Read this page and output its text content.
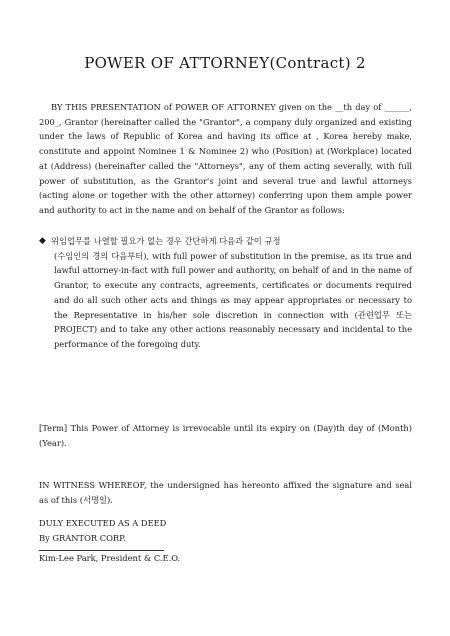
POWER OF ATTORNEY(Contract) 2

BY THIS PRESENTATION of POWER OF ATTORNEY given on the __th day of ______, 200_, Grantor (hereinafter called the "Grantor", a company duly organized and existing under the laws of Republic of Korea and having its office at , Korea hereby make, constitute and appoint Nominee 1 & Nominee 2) who (Position) at (Workplace) located at (Address) (hereinafter called the "Attorneys", any of them acting severally, with full power of substitution, as the Grantor's joint and several true and lawful attorneys (acting alone or together with the other attorney) conferring upon them ample power and authority to act in the name and on behalf of the Grantor as follows:

◆ 위임업무를 나열할 필요가 없는 경우 간단하게 다음과 같이 규정
(수임인의 경의 다음부터), with full power of substitution in the premise, as its true and lawful attorney-in-fact with full power and authority, on behalf of and in the name of Grantor, to execute any contracts, agreements, certificates or documents required and do all such other acts and things as may appear appropriates or necessary to the Representative in his/her sole discretion in connection with (관련업무 또는 PROJECT) and to take any other actions reasonably necessary and incidental to the performance of the foregoing duty.

[Term] This Power of Attorney is irrevocable until its expiry on (Day)th day of (Month) (Year).

IN WITNESS WHEREOF, the undersigned has hereonto affixed the signature and seal as of this (서명일).

DULY EXECUTED AS A DEED
By GRANTOR CORP.
Kim-Lee Park, President & C.E.O.
